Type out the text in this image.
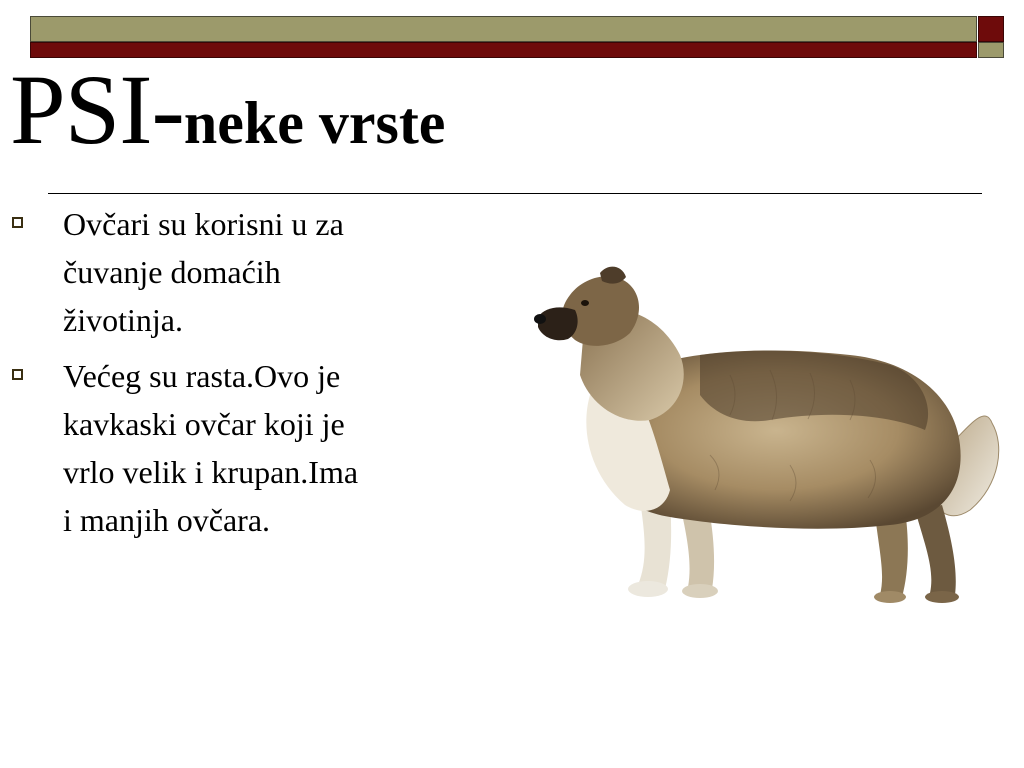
PSI-neke vrste
Ovčari su korisni u za
čuvanje domaćih
životinja.
Većeg su rasta.Ovo je
kavkaski ovčar koji je
vrlo velik i krupan.Ima
i manjih ovčara.
